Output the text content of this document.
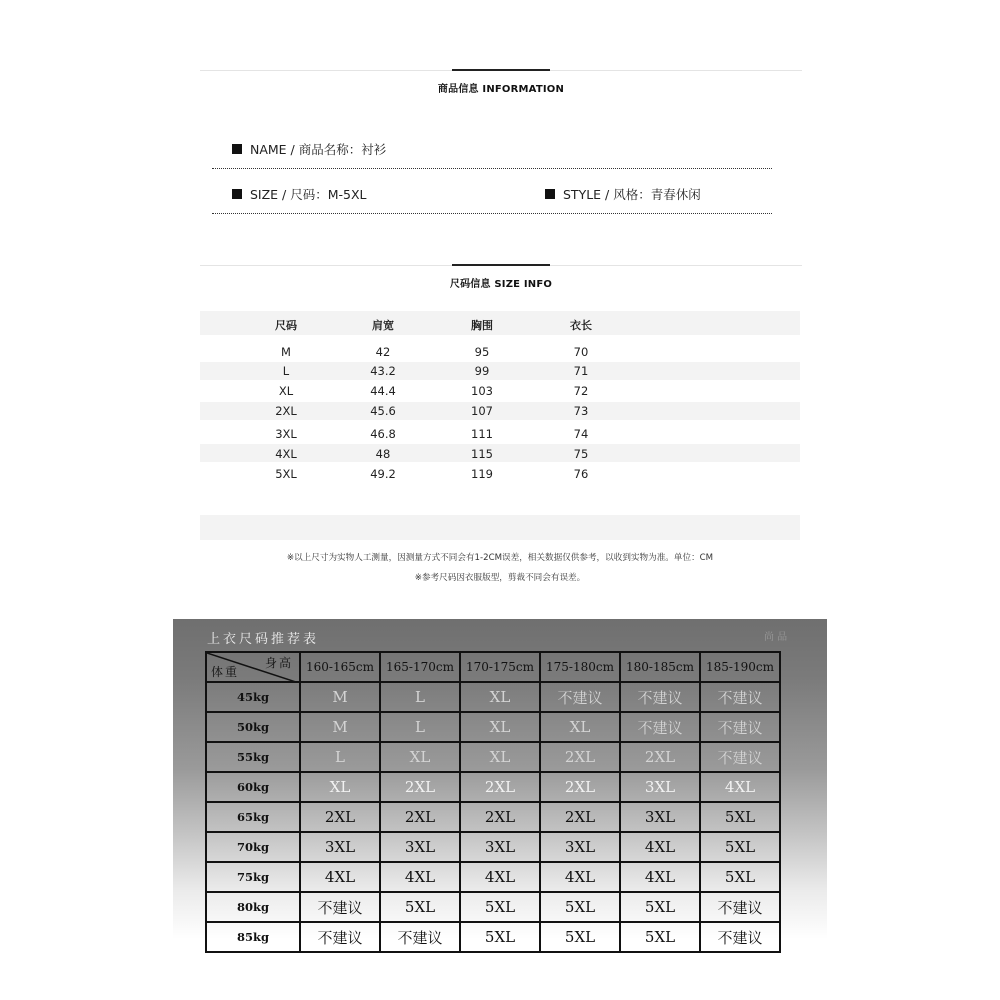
商品信息 INFORMATION
NAME / 商品名称：衬衫
SIZE / 尺码：M-5XL	STYLE / 风格：青春休闲
尺码信息 SIZE INFO
尺码	肩宽	胸围	衣长
M	42	95	70
L	43.2	99	71
XL	44.4	103	72
2XL	45.6	107	73
3XL	46.8	111	74
4XL	48	115	75
5XL	49.2	119	76
※以上尺寸为实物人工测量，因测量方式不同会有1-2CM误差，相关数据仅供参考，以收到实物为准。单位：CM
※参考尺码因衣服版型，剪裁不同会有误差。
上衣尺码推荐表	尚 品
身高
体重	160-165cm	165-170cm	170-175cm	175-180cm	180-185cm	185-190cm
45kg	M	L	XL	不建议	不建议	不建议
50kg	M	L	XL	XL	不建议	不建议
55kg	L	XL	XL	2XL	2XL	不建议
60kg	XL	2XL	2XL	2XL	3XL	4XL
65kg	2XL	2XL	2XL	2XL	3XL	5XL
70kg	3XL	3XL	3XL	3XL	4XL	5XL
75kg	4XL	4XL	4XL	4XL	4XL	5XL
80kg	不建议	5XL	5XL	5XL	5XL	不建议
85kg	不建议	不建议	5XL	5XL	5XL	不建议
